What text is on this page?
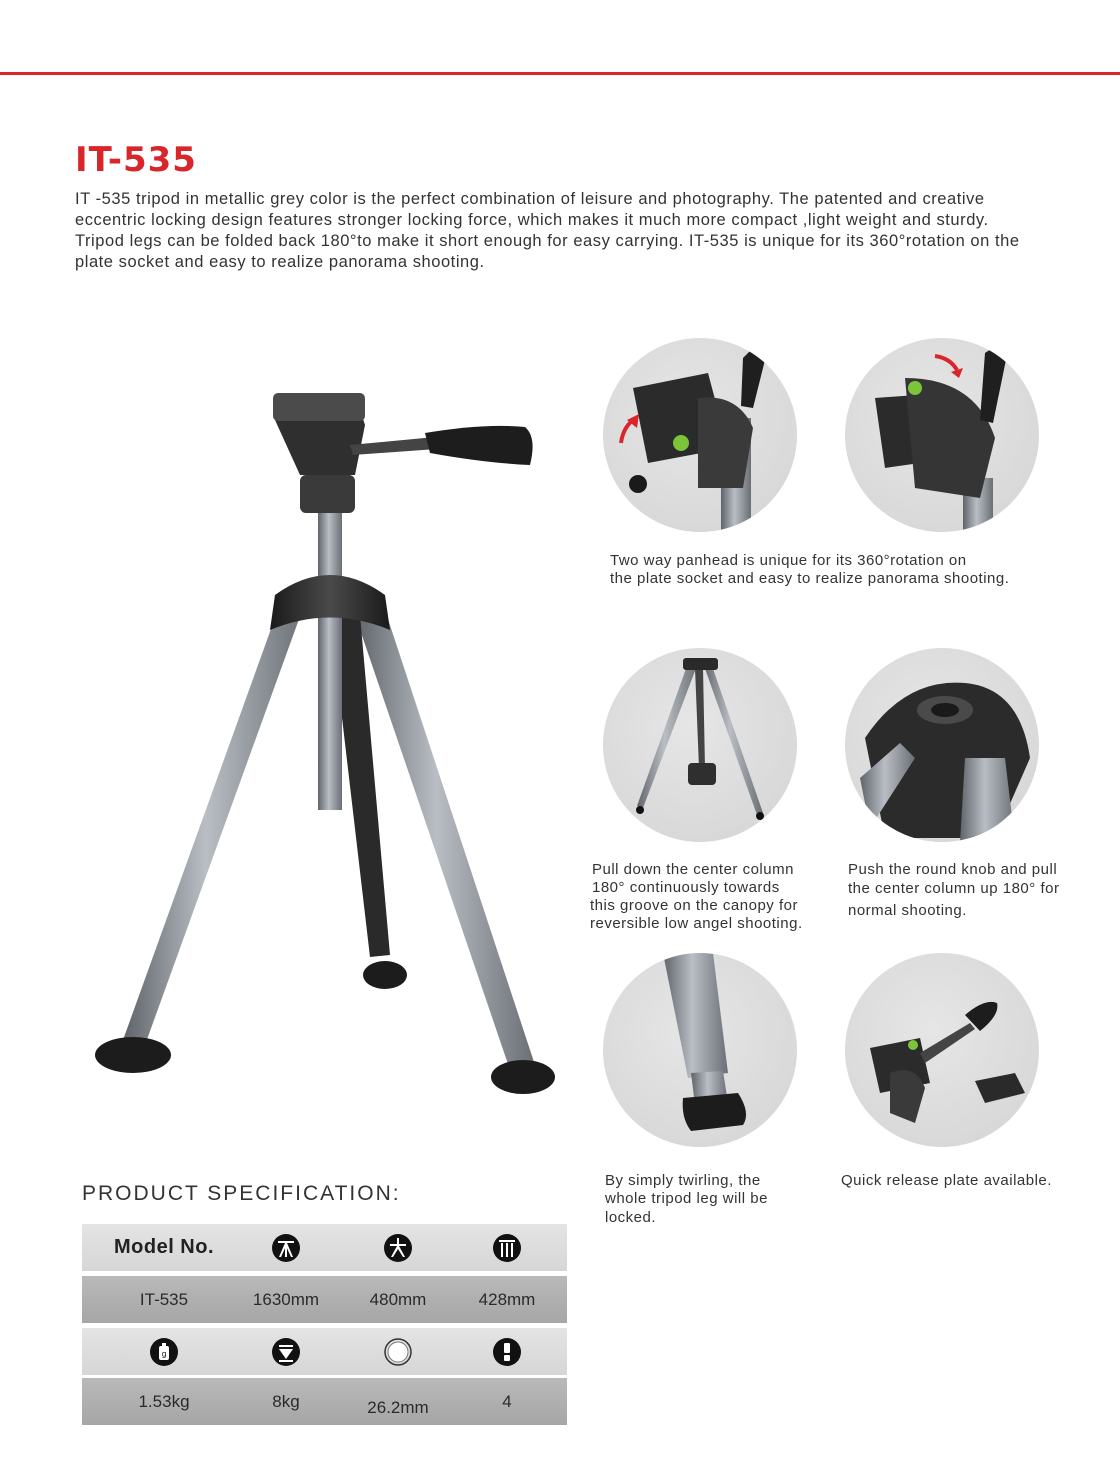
IT-535

IT -535 tripod in metallic grey color is the perfect combination of leisure and photography. The patented and creative eccentric locking design features stronger locking force, which makes it much more compact ,light weight and sturdy. Tripod legs can be folded back 180°to make it short enough for easy carrying. IT-535 is unique for its 360°rotation on the plate socket and easy to realize panorama shooting.

Two way panhead is unique for its 360°rotation on

the plate socket and easy to realize panorama shooting.

Pull down the center column

180° continuously towards

this groove on the canopy for

reversible low angel shooting.

Push the round knob and pull

the center column up 180° for

normal shooting.

By simply twirling, the

whole tripod leg will be

locked.

Quick release plate available.

PRODUCT SPECIFICATION:
Model No.
IT-535	1630mm	480mm	428mm
g
1.53kg	8kg	26.2mm	4
